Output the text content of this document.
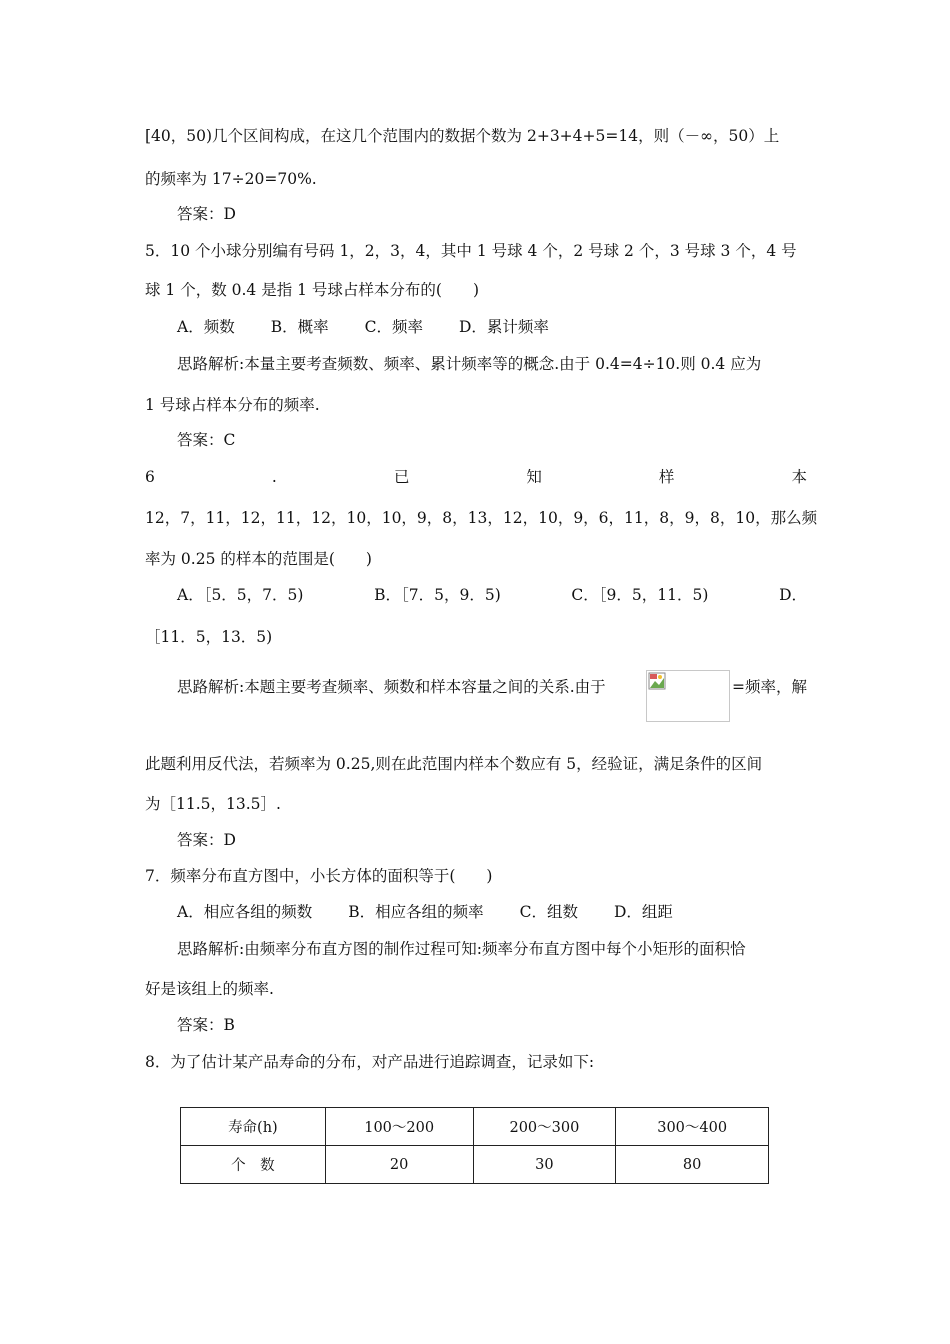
[40，50)几个区间构成，在这几个范围内的数据个数为 2+3+4+5=14，则（－∞，50）上
的频率为 17÷20=70%.
答案：D
5．10 个小球分别编有号码 1，2，3，4，其中 1 号球 4 个，2 号球 2 个，3 号球 3 个，4 号
球 1 个，数 0.4 是指 1 号球占样本分布的(　　)
A．频数 B．概率 C．频率 D．累计频率
思路解析:本量主要考查频数、频率、累计频率等的概念.由于 0.4=4÷10.则 0.4 应为
1 号球占样本分布的频率.
答案：C
6	.	已	知	样	本
12，7，11，12，11，12，10，10，9，8，13，12，10，9，6，11，8，9，8，10，那么频
率为 0.25 的样本的范围是(　　)
A．［5．5，7．5)	B．［7．5，9．5)	C．［9．5，11．5)	D．
［11．5，13．5)
思路解析:本题主要考查频率、频数和样本容量之间的关系.由于	=频率，解
此题利用反代法，若频率为 0.25,则在此范围内样本个数应有 5，经验证，满足条件的区间
为［11.5，13.5］.
答案：D
7．频率分布直方图中，小长方体的面积等于(　　)
A．相应各组的频数 B．相应各组的频率 C．组数 D．组距
思路解析:由频率分布直方图的制作过程可知:频率分布直方图中每个小矩形的面积恰
好是该组上的频率.
答案：B
8．为了估计某产品寿命的分布，对产品进行追踪调查，记录如下:
寿命(h)	100～200	200～300	300～400
个　数	20	30	80
